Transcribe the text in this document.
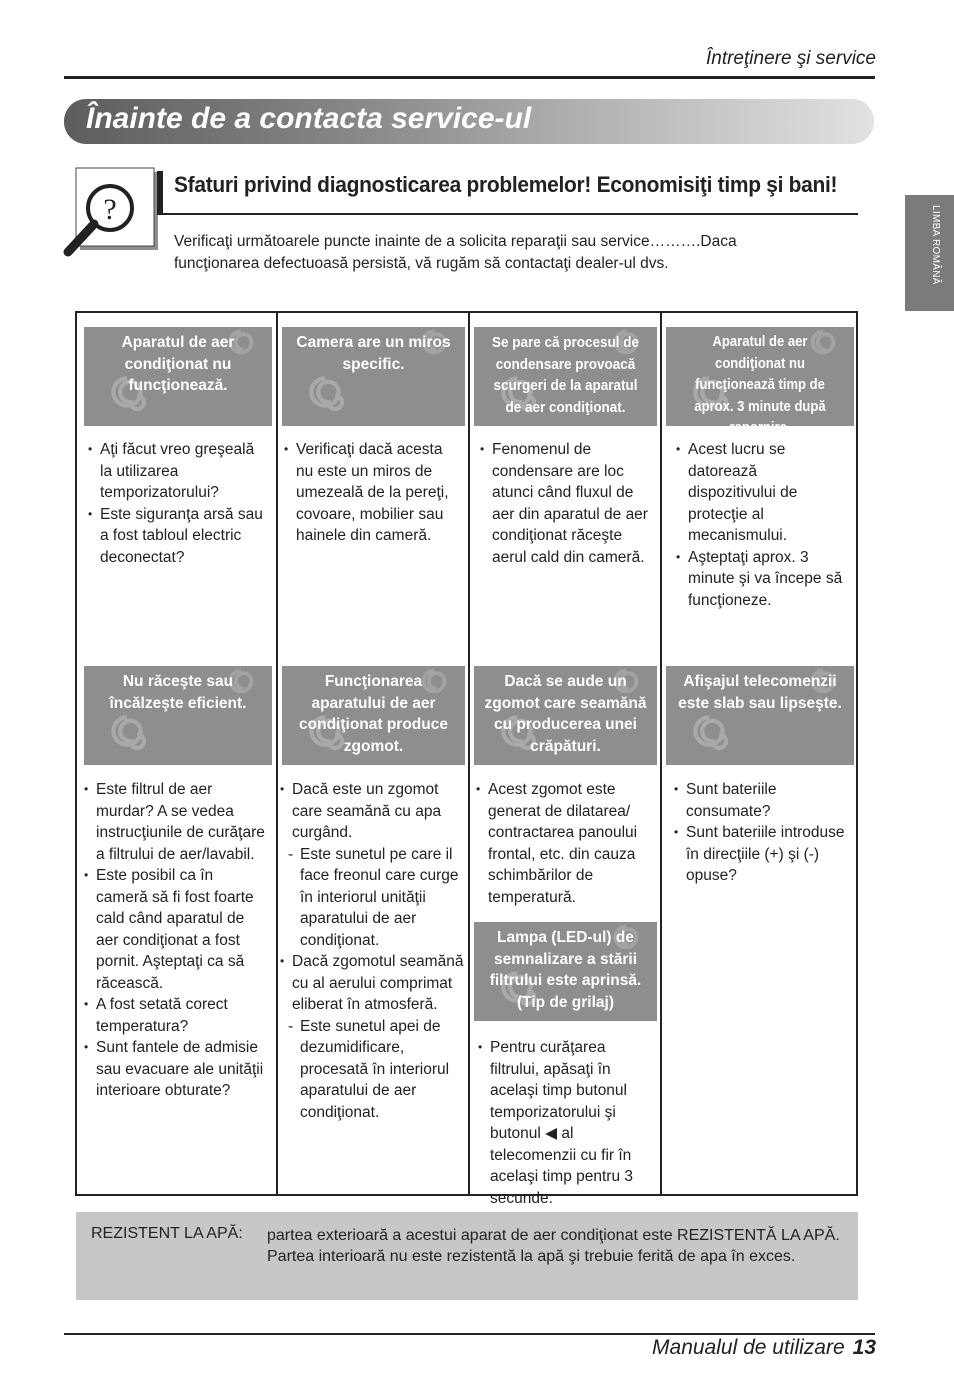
Întreţinere şi service
Înainte de a contacta service-ul
LIMBA ROMÂNĂ
?
Sfaturi privind diagnosticarea problemelor! Economisiţi timp şi bani!
Verificaţi următoarele puncte inainte de a solicita reparaţii sau service……….Daca
funcţionarea defectuoasă persistă, vă rugăm să contactaţi dealer-ul dvs.
Aparatul de aer condiţionat nu funcţionează.
• Aţi făcut vreo greşeală la utilizarea temporizatorului?
• Este siguranţa arsă sau a fost tabloul electric deconectat?
Camera are un miros specific.
• Verificaţi dacă acesta nu este un miros de umezeală de la pereţi, covoare, mobilier sau hainele din cameră.
Se pare că procesul de condensare provoacă scurgeri de la aparatul de aer condiţionat.
• Fenomenul de condensare are loc atunci când fluxul de aer din aparatul de aer condiţionat răceşte aerul cald din cameră.
Aparatul de aer condiţionat nu funcţionează timp de aprox. 3 minute după repornire.
• Acest lucru se datorează dispozitivului de protecţie al mecanismului.
• Aşteptaţi aprox. 3 minute şi va începe să funcţioneze.
Nu răceşte sau încălzeşte eficient.
• Este filtrul de aer murdar? A se vedea instrucţiunile de curăţare a filtrului de aer/lavabil.
• Este posibil ca în cameră să fi fost foarte cald când aparatul de aer condiţionat a fost pornit. Aşteptaţi ca să răcească.
• A fost setată corect temperatura?
• Sunt fantele de admisie sau evacuare ale unităţii interioare obturate?
Funcţionarea aparatului de aer condiţionat produce zgomot.
• Dacă este un zgomot care seamănă cu apa curgând.
- Este sunetul pe care il face freonul care curge în interiorul unităţii aparatului de aer condiţionat.
• Dacă zgomotul seamănă cu al aerului comprimat eliberat în atmosferă.
- Este sunetul apei de dezumidificare, procesată în interiorul aparatului de aer condiţionat.
Dacă se aude un zgomot care seamănă cu producerea unei crăpături.
• Acest zgomot este generat de dilatarea/ contractarea panoului frontal, etc. din cauza schimbărilor de temperatură.
Lampa (LED-ul) de semnalizare a stării filtrului este aprinsă. (Tip de grilaj)
• Pentru curăţarea filtrului, apăsaţi în acelaşi timp butonul temporizatorului şi butonul ◀ al telecomenzii cu fir în acelaşi timp pentru 3 secunde.
Afişajul telecomenzii este slab sau lipseşte.
• Sunt bateriile consumate?
• Sunt bateriile introduse în direcţiile (+) şi (-) opuse?
REZISTENT LA APĂ: partea exterioară a acestui aparat de aer condiţionat este REZISTENTĂ LA APĂ. Partea interioară nu este rezistentă la apă şi trebuie ferită de apa în exces.
Manualul de utilizare 13
